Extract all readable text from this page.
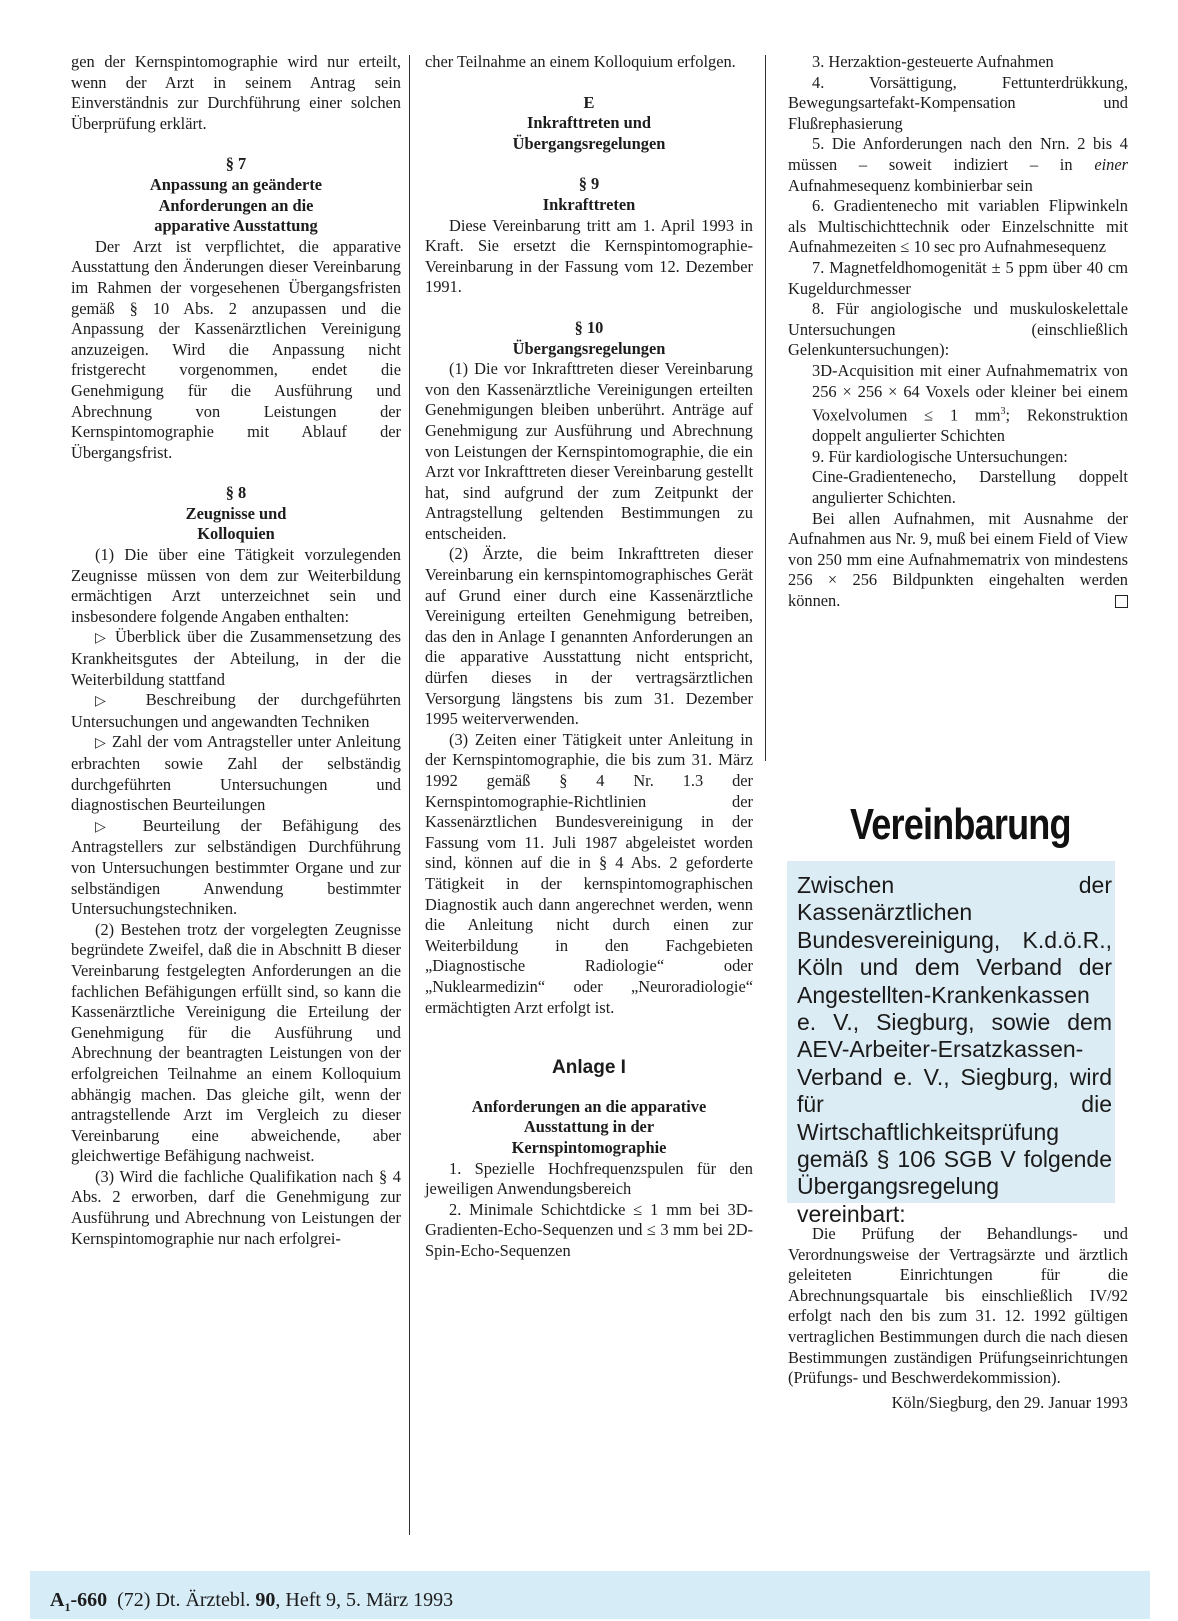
gen der Kernspintomographie wird nur erteilt, wenn der Arzt in seinem Antrag sein Einverständnis zur Durchführung einer solchen Überprüfung erklärt.

§ 7

Anpassung an geänderte

Anforderungen an die

apparative Ausstattung

Der Arzt ist verpflichtet, die apparative Ausstattung den Änderungen dieser Vereinbarung im Rahmen der vorgesehenen Übergangsfristen gemäß § 10 Abs. 2 anzupassen und die Anpassung der Kassenärztlichen Vereinigung anzuzeigen. Wird die Anpassung nicht fristgerecht vorgenommen, endet die Genehmigung für die Ausführung und Abrechnung von Leistungen der Kernspintomographie mit Ablauf der Übergangsfrist.

§ 8

Zeugnisse und

Kolloquien

(1) Die über eine Tätigkeit vorzulegenden Zeugnisse müssen von dem zur Weiterbildung ermächtigen Arzt unterzeichnet sein und insbesondere folgende Angaben enthalten:

▷ Überblick über die Zusammensetzung des Krankheitsgutes der Abteilung, in der die Weiterbildung stattfand

▷ Beschreibung der durchgeführten Untersuchungen und angewandten Techniken

▷ Zahl der vom Antragsteller unter Anleitung erbrachten sowie Zahl der selbständig durchgeführten Untersuchungen und diagnostischen Beurteilungen

▷ Beurteilung der Befähigung des Antragstellers zur selbständigen Durchführung von Untersuchungen bestimmter Organe und zur selbständigen Anwendung bestimmter Untersuchungstechniken.

(2) Bestehen trotz der vorgelegten Zeugnisse begründete Zweifel, daß die in Abschnitt B dieser Vereinbarung festgelegten Anforderungen an die fachlichen Befähigungen erfüllt sind, so kann die Kassenärztliche Vereinigung die Erteilung der Genehmigung für die Ausführung und Abrechnung der beantragten Leistungen von der erfolgreichen Teilnahme an einem Kolloquium abhängig machen. Das gleiche gilt, wenn der antragstellende Arzt im Vergleich zu dieser Vereinbarung eine abweichende, aber gleichwertige Befähigung nachweist.

(3) Wird die fachliche Qualifikation nach § 4 Abs. 2 erworben, darf die Genehmigung zur Ausführung und Abrechnung von Leistungen der Kernspintomographie nur nach erfolgrei-

cher Teilnahme an einem Kolloquium erfolgen.

E

Inkrafttreten und

Übergangsregelungen

§ 9

Inkrafttreten

Diese Vereinbarung tritt am 1. April 1993 in Kraft. Sie ersetzt die Kernspintomographie-Vereinbarung in der Fassung vom 12. Dezember 1991.

§ 10

Übergangsregelungen

(1) Die vor Inkrafttreten dieser Vereinbarung von den Kassenärztliche Vereinigungen erteilten Genehmigungen bleiben unberührt. Anträge auf Genehmigung zur Ausführung und Abrechnung von Leistungen der Kernspintomographie, die ein Arzt vor Inkrafttreten dieser Vereinbarung gestellt hat, sind aufgrund der zum Zeitpunkt der Antragstellung geltenden Bestimmungen zu entscheiden.

(2) Ärzte, die beim Inkrafttreten dieser Vereinbarung ein kernspintomographisches Gerät auf Grund einer durch eine Kassenärztliche Vereinigung erteilten Genehmigung betreiben, das den in Anlage I genannten Anforderungen an die apparative Ausstattung nicht entspricht, dürfen dieses in der vertragsärztlichen Versorgung längstens bis zum 31. Dezember 1995 weiterverwenden.

(3) Zeiten einer Tätigkeit unter Anleitung in der Kernspintomographie, die bis zum 31. März 1992 gemäß § 4 Nr. 1.3 der Kernspintomographie-Richtlinien der Kassenärztlichen Bundesvereinigung in der Fassung vom 11. Juli 1987 abgeleistet worden sind, können auf die in § 4 Abs. 2 geforderte Tätigkeit in der kernspintomographischen Diagnostik auch dann angerechnet werden, wenn die Anleitung nicht durch einen zur Weiterbildung in den Fachgebieten „Diagnostische Radiologie“ oder „Nuklearmedizin“ oder „Neuroradiologie“ ermächtigten Arzt erfolgt ist.

Anlage I

Anforderungen an die apparative

Ausstattung in der

Kernspintomographie

1. Spezielle Hochfrequenzspulen für den jeweiligen Anwendungsbereich

2. Minimale Schichtdicke ≤ 1 mm bei 3D-Gradienten-Echo-Sequenzen und ≤ 3 mm bei 2D-Spin-Echo-Sequenzen

3. Herzaktion-gesteuerte Aufnahmen

4. Vorsättigung, Fettunterdrükkung, Bewegungsartefakt-Kompensation und Flußrephasierung

5. Die Anforderungen nach den Nrn. 2 bis 4 müssen – soweit indiziert – in einer Aufnahmesequenz kombinierbar sein

6. Gradientenecho mit variablen Flipwinkeln als Multischichttechnik oder Einzelschnitte mit Aufnahmezeiten ≤ 10 sec pro Aufnahmesequenz

7. Magnetfeldhomogenität ± 5 ppm über 40 cm Kugeldurchmesser

8. Für angiologische und muskuloskelettale Untersuchungen (einschließlich Gelenkuntersuchungen):

3D-Acquisition mit einer Aufnahmematrix von 256 × 256 × 64 Voxels oder kleiner bei einem Voxelvolumen ≤ 1 $mm^3$; Rekonstruktion doppelt angulierter Schichten

9. Für kardiologische Untersuchungen:

Cine-Gradientenecho, Darstellung doppelt angulierter Schichten.

Bei allen Aufnahmen, mit Ausnahme der Aufnahmen aus Nr. 9, muß bei einem Field of View von 250 mm eine Aufnahmematrix von mindestens 256 × 256 Bildpunkten eingehalten werden können.

Vereinbarung
Zwischen der Kassenärztlichen Bundesvereinigung, K.d.ö.R., Köln und dem Verband der Angestellten-Krankenkassen e. V., Siegburg, sowie dem AEV-Arbeiter-Ersatzkassen-Verband e. V., Siegburg, wird für die Wirtschaftlichkeitsprüfung gemäß § 106 SGB V folgende Übergangsregelung vereinbart:

Die Prüfung der Behandlungs- und Verordnungsweise der Vertragsärzte und ärztlich geleiteten Einrichtungen für die Abrechnungsquartale bis einschließlich IV/92 erfolgt nach den bis zum 31. 12. 1992 gültigen vertraglichen Bestimmungen durch die nach diesen Bestimmungen zuständigen Prüfungseinrichtungen (Prüfungs- und Beschwerdekommission).

Köln/Siegburg, den 29. Januar 1993

$A_1-660$ (72) Dt. Ärztebl. 90, Heft 9, 5. März 1993
